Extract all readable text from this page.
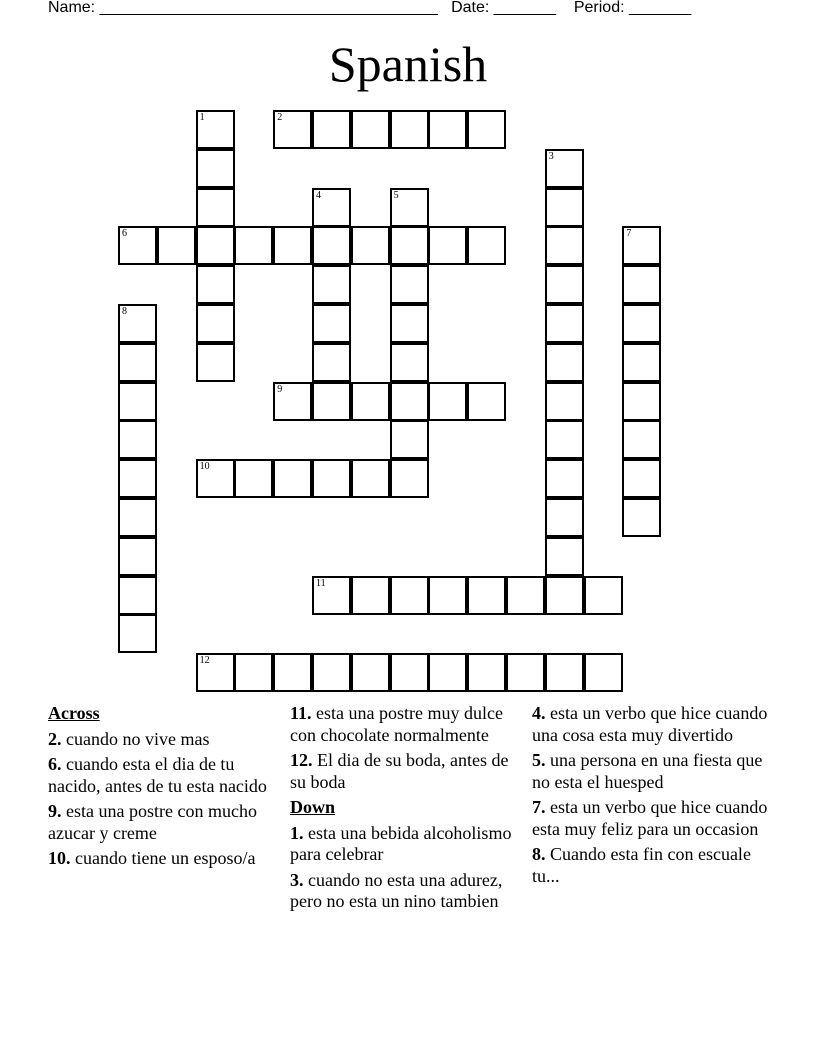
Name: ______________________________________ Date: _______ Period: _______
Spanish
1	2
3
4	5
6	7
8
9
10
11
12
Across
2. cuando no vive mas
6. cuando esta el dia de tu nacido, antes de tu esta nacido
9. esta una postre con mucho azucar y creme
10. cuando tiene un esposo/a
11. esta una postre muy dulce con chocolate normalmente
12. El dia de su boda, antes de su boda
Down
1. esta una bebida alcoholismo para celebrar
3. cuando no esta una adurez, pero no esta un nino tambien
4. esta un verbo que hice cuando una cosa esta muy divertido
5. una persona en una fiesta que no esta el huesped
7. esta un verbo que hice cuando esta muy feliz para un occasion
8. Cuando esta fin con escuale tu...
